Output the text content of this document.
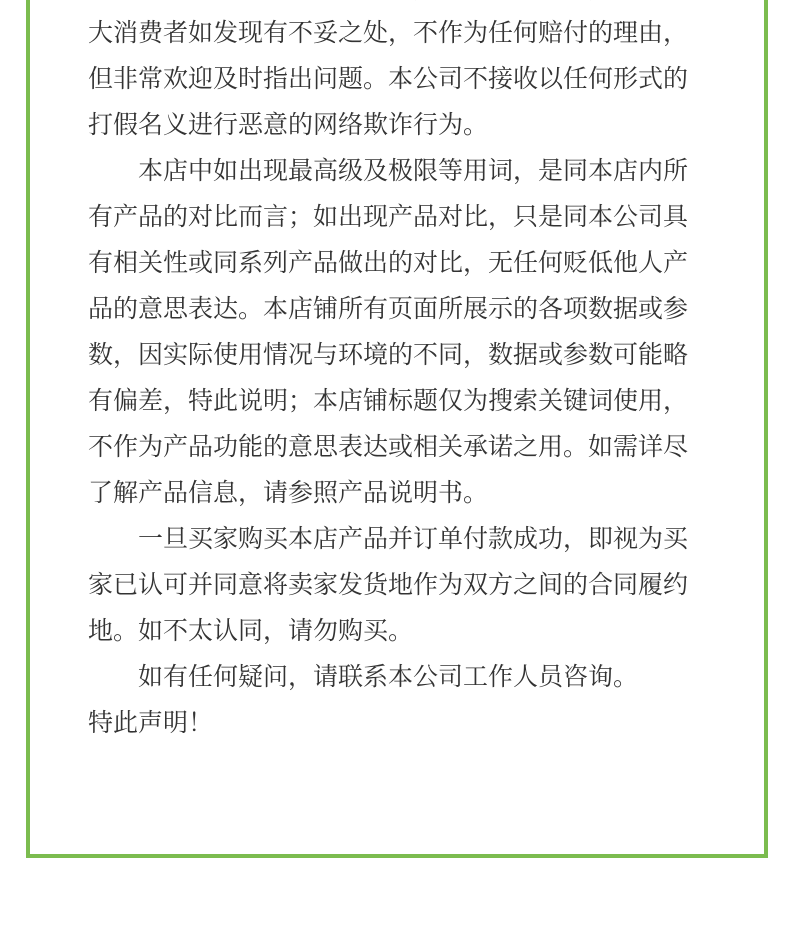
大消费者如发现有不妥之处，不作为任何赔付的理由，但非常欢迎及时指出问题。本公司不接收以任何形式的打假名义进行恶意的网络欺诈行为。

本店中如出现最高级及极限等用词，是同本店内所有产品的对比而言；如出现产品对比，只是同本公司具有相关性或同系列产品做出的对比，无任何贬低他人产品的意思表达。本店铺所有页面所展示的各项数据或参数，因实际使用情况与环境的不同，数据或参数可能略有偏差，特此说明；本店铺标题仅为搜索关键词使用，不作为产品功能的意思表达或相关承诺之用。如需详尽了解产品信息，请参照产品说明书。

一旦买家购买本店产品并订单付款成功，即视为买家已认可并同意将卖家发货地作为双方之间的合同履约地。如不太认同，请勿购买。

如有任何疑问，请联系本公司工作人员咨询。

特此声明！
